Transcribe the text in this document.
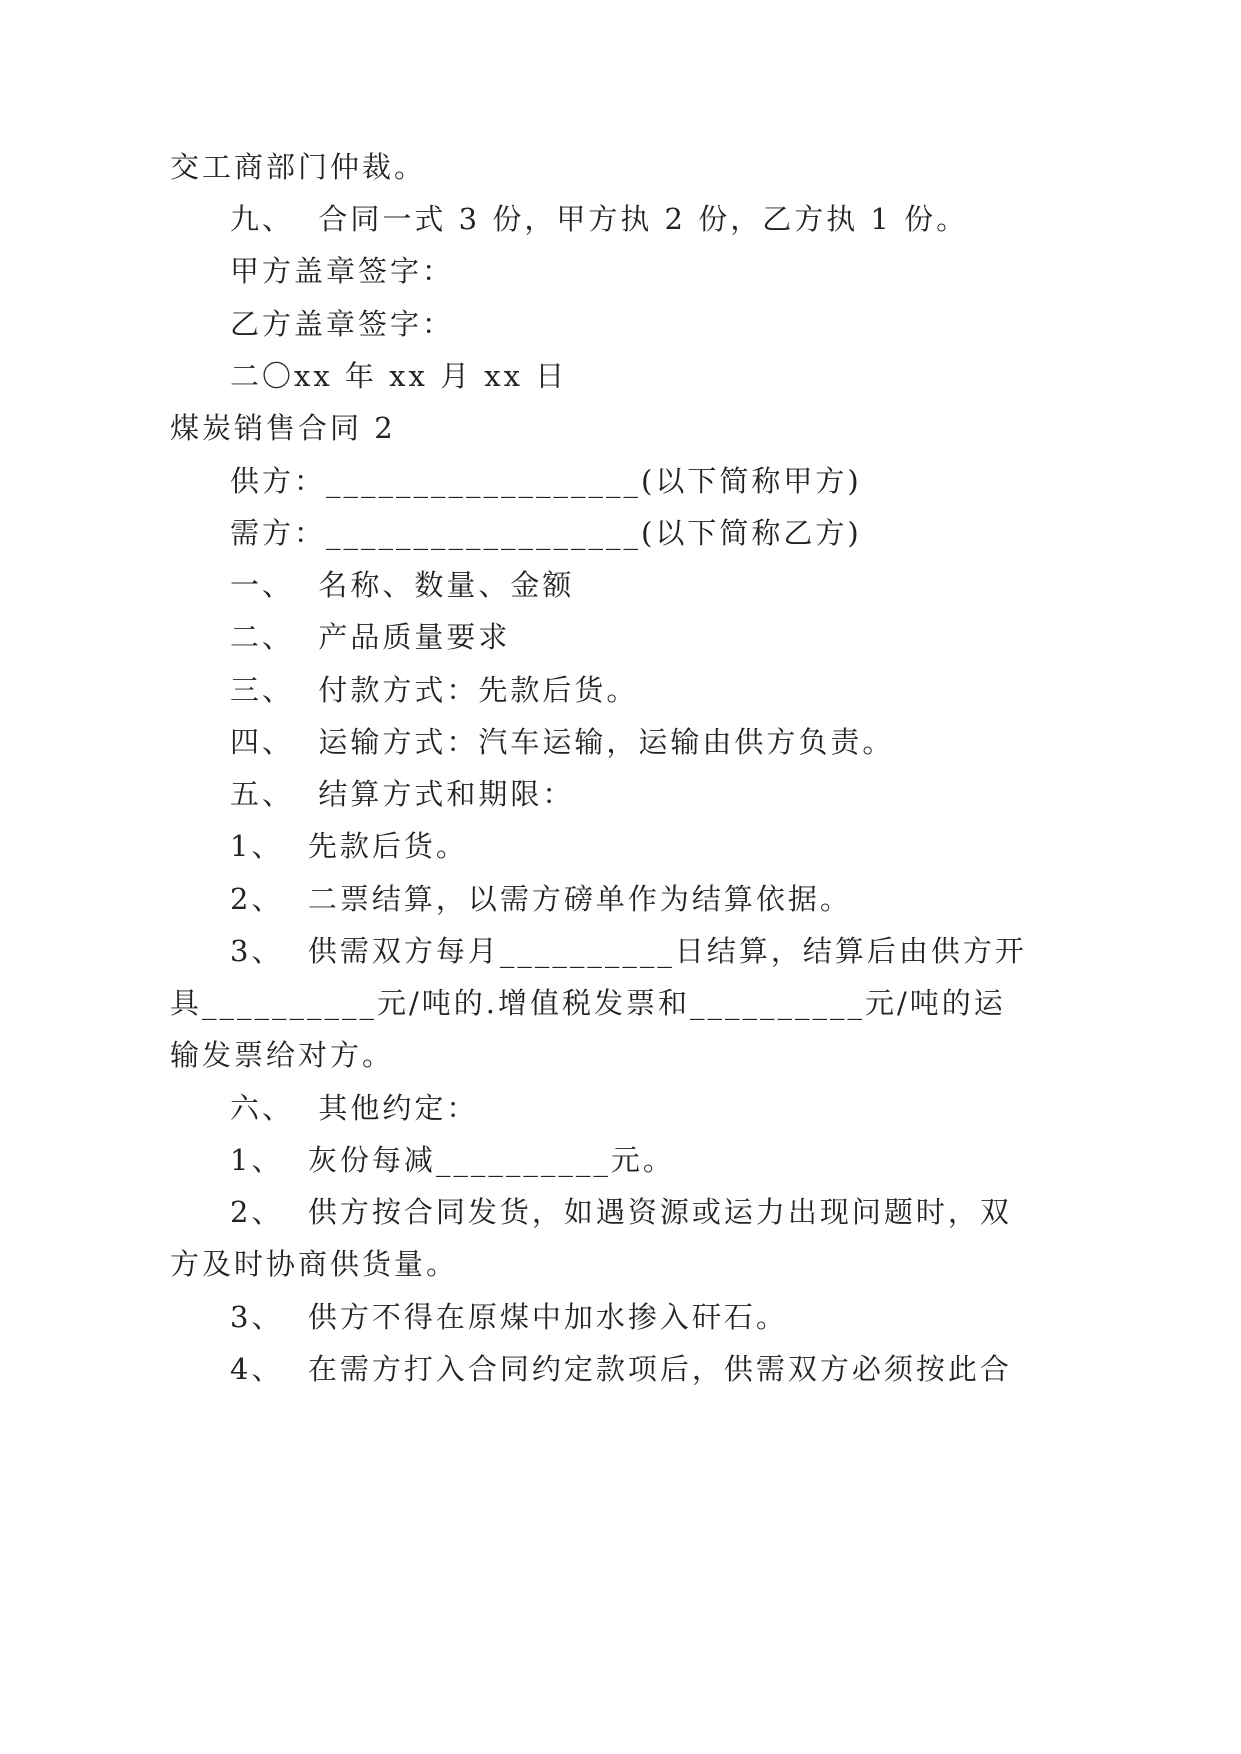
交工商部门仲裁。
九、  合同一式 3 份，甲方执 2 份，乙方执 1 份。
甲方盖章签字：
乙方盖章签字：
二〇xx 年 xx 月 xx 日
煤炭销售合同 2
供方：__________________(以下简称甲方)
需方：__________________(以下简称乙方)
一、  名称、数量、金额
二、  产品质量要求
三、  付款方式：先款后货。
四、  运输方式：汽车运输，运输由供方负责。
五、  结算方式和期限：
1、  先款后货。
2、  二票结算，以需方磅单作为结算依据。
3、  供需双方每月__________日结算，结算后由供方开
具__________元/吨的.增值税发票和__________元/吨的运
输发票给对方。
六、  其他约定：
1、  灰份每减__________元。
2、  供方按合同发货，如遇资源或运力出现问题时，双
方及时协商供货量。
3、  供方不得在原煤中加水掺入矸石。
4、  在需方打入合同约定款项后，供需双方必须按此合
